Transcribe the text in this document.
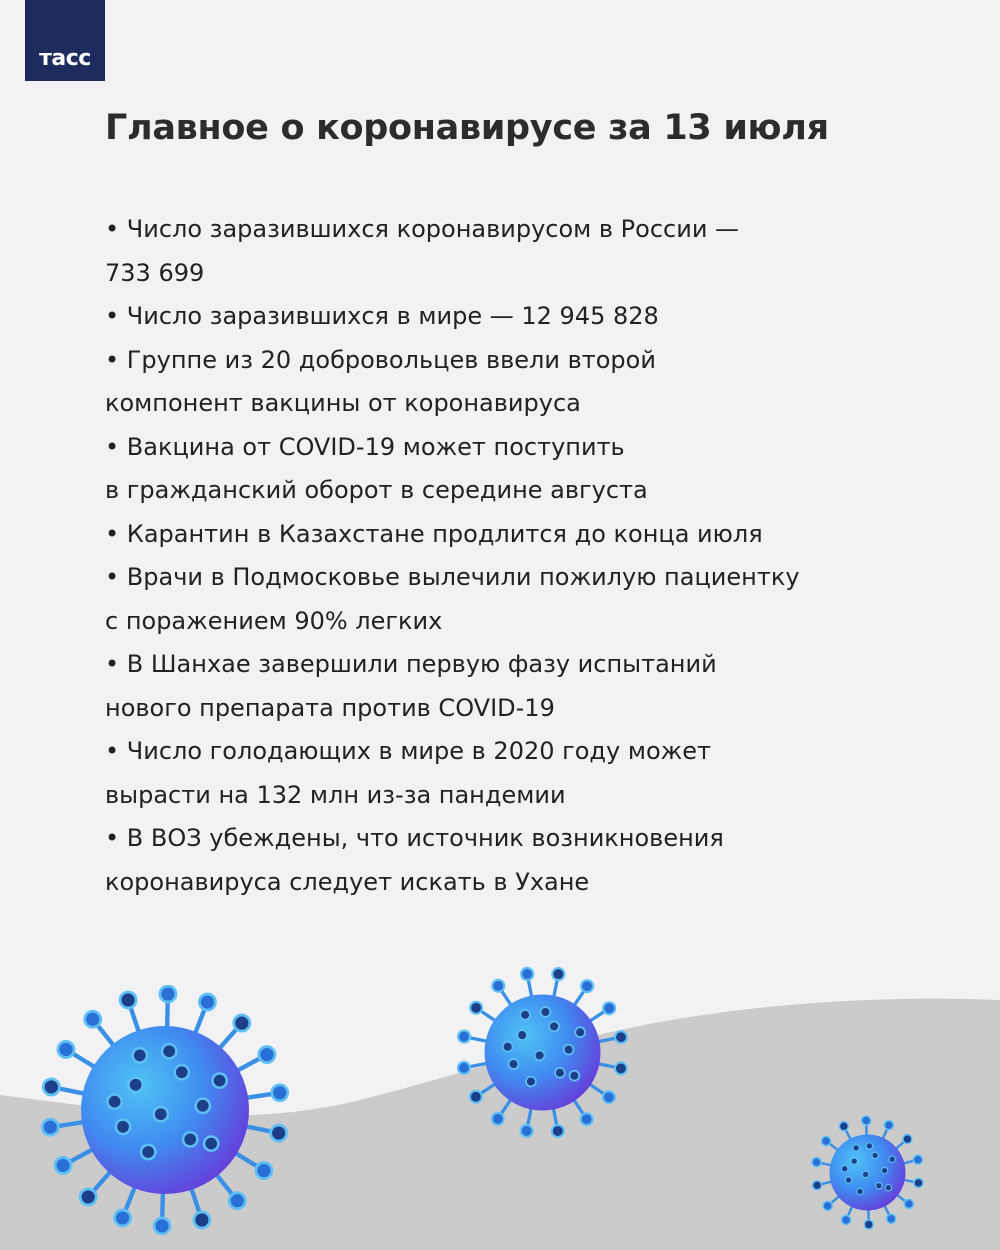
тасс
Главное о коронавирусе за 13 июля
• Число заразившихся коронавирусом в России —
733 699
• Число заразившихся в мире — 12 945 828
• Группе из 20 добровольцев ввели второй
компонент вакцины от коронавируса
• Вакцина от COVID-19 может поступить
в гражданский оборот в середине августа
• Карантин в Казахстане продлится до конца июля
• Врачи в Подмосковье вылечили пожилую пациентку
с поражением 90% легких
• В Шанхае завершили первую фазу испытаний
нового препарата против COVID-19
• Число голодающих в мире в 2020 году может
вырасти на 132 млн из-за пандемии
• В ВОЗ убеждены, что источник возникновения
коронавируса следует искать в Ухане
